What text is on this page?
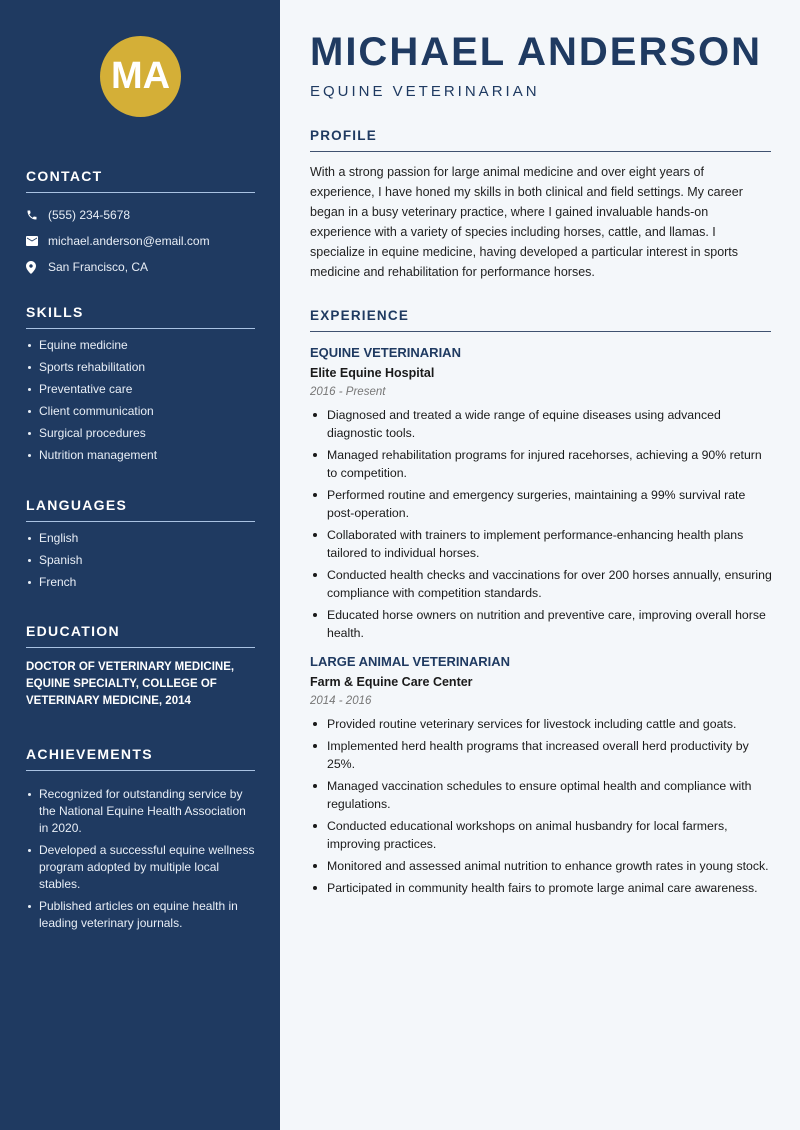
MA
CONTACT
(555) 234-5678
michael.anderson@email.com
San Francisco, CA
SKILLS
Equine medicine
Sports rehabilitation
Preventative care
Client communication
Surgical procedures
Nutrition management
LANGUAGES
English
Spanish
French
EDUCATION

DOCTOR OF VETERINARY MEDICINE, EQUINE SPECIALTY, COLLEGE OF VETERINARY MEDICINE, 2014

ACHIEVEMENTS
Recognized for outstanding service by the National Equine Health Association in 2020.
Developed a successful equine wellness program adopted by multiple local stables.
Published articles on equine health in leading veterinary journals.
MICHAEL ANDERSON
EQUINE VETERINARIAN
PROFILE

With a strong passion for large animal medicine and over eight years of experience, I have honed my skills in both clinical and field settings. My career began in a busy veterinary practice, where I gained invaluable hands-on experience with a variety of species including horses, cattle, and llamas. I specialize in equine medicine, having developed a particular interest in sports medicine and rehabilitation for performance horses.

EXPERIENCE
EQUINE VETERINARIAN
Elite Equine Hospital
2016 - Present
Diagnosed and treated a wide range of equine diseases using advanced diagnostic tools.
Managed rehabilitation programs for injured racehorses, achieving a 90% return to competition.
Performed routine and emergency surgeries, maintaining a 99% survival rate post-operation.
Collaborated with trainers to implement performance-enhancing health plans tailored to individual horses.
Conducted health checks and vaccinations for over 200 horses annually, ensuring compliance with competition standards.
Educated horse owners on nutrition and preventive care, improving overall horse health.
LARGE ANIMAL VETERINARIAN
Farm & Equine Care Center
2014 - 2016
Provided routine veterinary services for livestock including cattle and goats.
Implemented herd health programs that increased overall herd productivity by 25%.
Managed vaccination schedules to ensure optimal health and compliance with regulations.
Conducted educational workshops on animal husbandry for local farmers, improving practices.
Monitored and assessed animal nutrition to enhance growth rates in young stock.
Participated in community health fairs to promote large animal care awareness.
